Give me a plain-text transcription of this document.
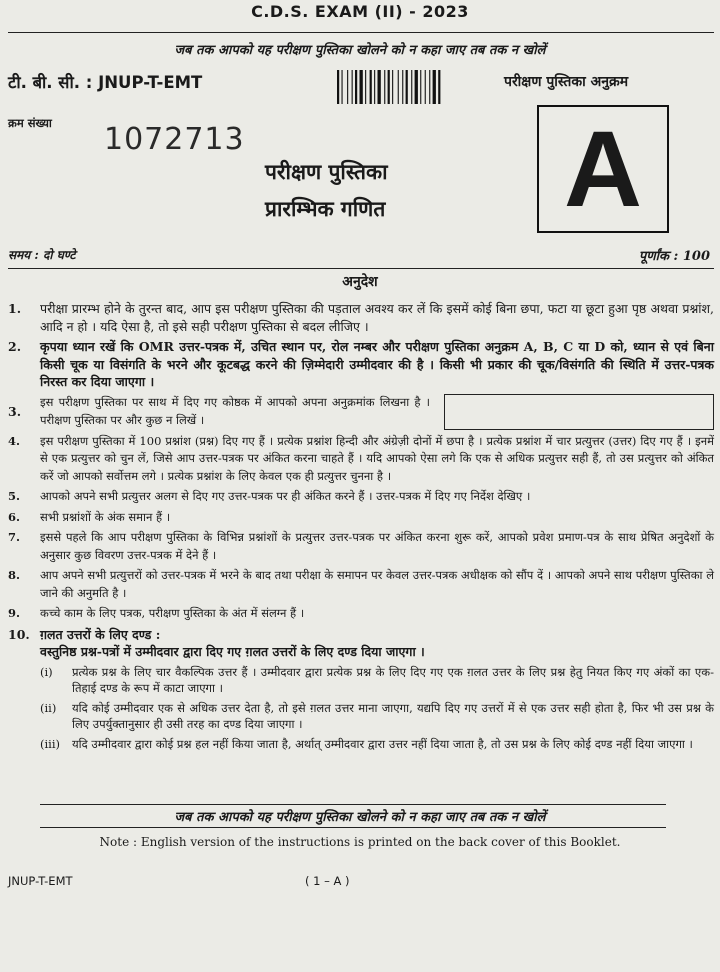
C.D.S. EXAM (II) - 2023
जब तक आपको यह परीक्षण पुस्तिका खोलने को न कहा जाए तब तक न खोलें
टी. बी. सी. : JNUP-T-EMT	परीक्षण पुस्तिका अनुक्रम
क्रम संख्या 1072713	A
परीक्षण पुस्तिका
प्रारम्भिक गणित
समय : दो घण्टे	पूर्णांक : 100
अनुदेश
1.	परीक्षा प्रारम्भ होने के तुरन्त बाद, आप इस परीक्षण पुस्तिका की पड़ताल अवश्य कर लें कि इसमें कोई बिना छपा, फटा या छूटा हुआ पृष्ठ अथवा प्रश्नांश, आदि न हो । यदि ऐसा है, तो इसे सही परीक्षण पुस्तिका से बदल लीजिए ।
2.	कृपया ध्यान रखें कि OMR उत्तर-पत्रक में, उचित स्थान पर, रोल नम्बर और परीक्षण पुस्तिका अनुक्रम A, B, C या D को, ध्यान से एवं बिना किसी चूक या विसंगति के भरने और कूटबद्ध करने की ज़िम्मेदारी उम्मीदवार की है । किसी भी प्रकार की चूक/विसंगति की स्थिति में उत्तर-पत्रक निरस्त कर दिया जाएगा ।
3.
इस परीक्षण पुस्तिका पर साथ में दिए गए कोष्ठक में आपको अपना अनुक्रमांक लिखना है । परीक्षण पुस्तिका पर और कुछ न लिखें ।
4.	इस परीक्षण पुस्तिका में 100 प्रश्नांश (प्रश्न) दिए गए हैं । प्रत्येक प्रश्नांश हिन्दी और अंग्रेज़ी दोनों में छपा है । प्रत्येक प्रश्नांश में चार प्रत्युत्तर (उत्तर) दिए गए हैं । इनमें से एक प्रत्युत्तर को चुन लें, जिसे आप उत्तर-पत्रक पर अंकित करना चाहते हैं । यदि आपको ऐसा लगे कि एक से अधिक प्रत्युत्तर सही हैं, तो उस प्रत्युत्तर को अंकित करें जो आपको सर्वोत्तम लगे । प्रत्येक प्रश्नांश के लिए केवल एक ही प्रत्युत्तर चुनना है ।
5.	आपको अपने सभी प्रत्युत्तर अलग से दिए गए उत्तर-पत्रक पर ही अंकित करने हैं । उत्तर-पत्रक में दिए गए निर्देश देखिए ।
6.	सभी प्रश्नांशों के अंक समान हैं ।
7.	इससे पहले कि आप परीक्षण पुस्तिका के विभिन्न प्रश्नांशों के प्रत्युत्तर उत्तर-पत्रक पर अंकित करना शुरू करें, आपको प्रवेश प्रमाण-पत्र के साथ प्रेषित अनुदेशों के अनुसार कुछ विवरण उत्तर-पत्रक में देने हैं ।
8.	आप अपने सभी प्रत्युत्तरों को उत्तर-पत्रक में भरने के बाद तथा परीक्षा के समापन पर केवल उत्तर-पत्रक अधीक्षक को सौंप दें । आपको अपने साथ परीक्षण पुस्तिका ले जाने की अनुमति है ।
9.	कच्चे काम के लिए पत्रक, परीक्षण पुस्तिका के अंत में संलग्न हैं ।
10. ग़लत उत्तरों के लिए दण्ड :
वस्तुनिष्ठ प्रश्न-पत्रों में उम्मीदवार द्वारा दिए गए ग़लत उत्तरों के लिए दण्ड दिया जाएगा ।
(i)	प्रत्येक प्रश्न के लिए चार वैकल्पिक उत्तर हैं । उम्मीदवार द्वारा प्रत्येक प्रश्न के लिए दिए गए एक ग़लत उत्तर के लिए प्रश्न हेतु नियत किए गए अंकों का एक-तिहाई दण्ड के रूप में काटा जाएगा ।
(ii)	यदि कोई उम्मीदवार एक से अधिक उत्तर देता है, तो इसे ग़लत उत्तर माना जाएगा, यद्यपि दिए गए उत्तरों में से एक उत्तर सही होता है, फिर भी उस प्रश्न के लिए उपर्युक्तानुसार ही उसी तरह का दण्ड दिया जाएगा ।
(iii)	यदि उम्मीदवार द्वारा कोई प्रश्न हल नहीं किया जाता है, अर्थात् उम्मीदवार द्वारा उत्तर नहीं दिया जाता है, तो उस प्रश्न के लिए कोई दण्ड नहीं दिया जाएगा ।
जब तक आपको यह परीक्षण पुस्तिका खोलने को न कहा जाए तब तक न खोलें
Note : English version of the instructions is printed on the back cover of this Booklet.
JNUP-T-EMT	( 1 – A )
